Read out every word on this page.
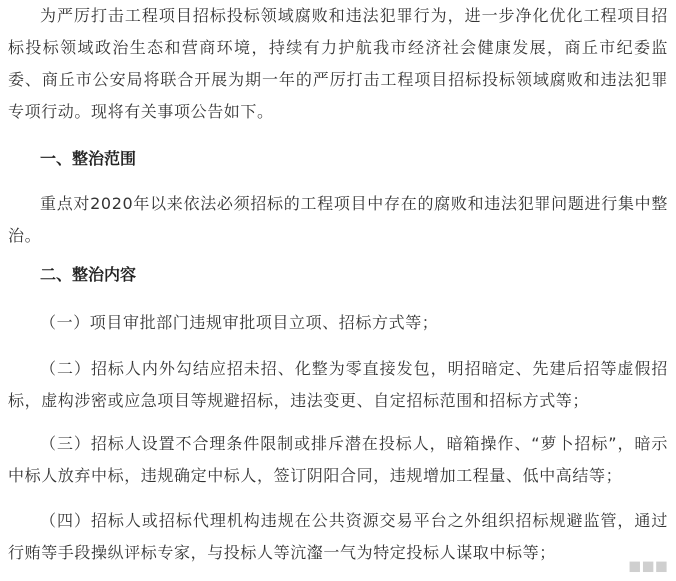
为严厉打击工程项目招标投标领域腐败和违法犯罪行为，进一步净化优化工程项目招标投标领域政治生态和营商环境，持续有力护航我市经济社会健康发展，商丘市纪委监委、商丘市公安局将联合开展为期一年的严厉打击工程项目招标投标领域腐败和违法犯罪专项行动。现将有关事项公告如下。

一、整治范围

重点对2020年以来依法必须招标的工程项目中存在的腐败和违法犯罪问题进行集中整治。

二、整治内容

（一）项目审批部门违规审批项目立项、招标方式等；

（二）招标人内外勾结应招未招、化整为零直接发包，明招暗定、先建后招等虚假招标，虚构涉密或应急项目等规避招标，违法变更、自定招标范围和招标方式等；

（三）招标人设置不合理条件限制或排斥潜在投标人，暗箱操作、“萝卜招标”，暗示中标人放弃中标，违规确定中标人，签订阴阳合同，违规增加工程量、低中高结等；

（四）招标人或招标代理机构违规在公共资源交易平台之外组织招标规避监管，通过行贿等手段操纵评标专家，与投标人等沆瀣一气为特定投标人谋取中标等；

◼◼◼
